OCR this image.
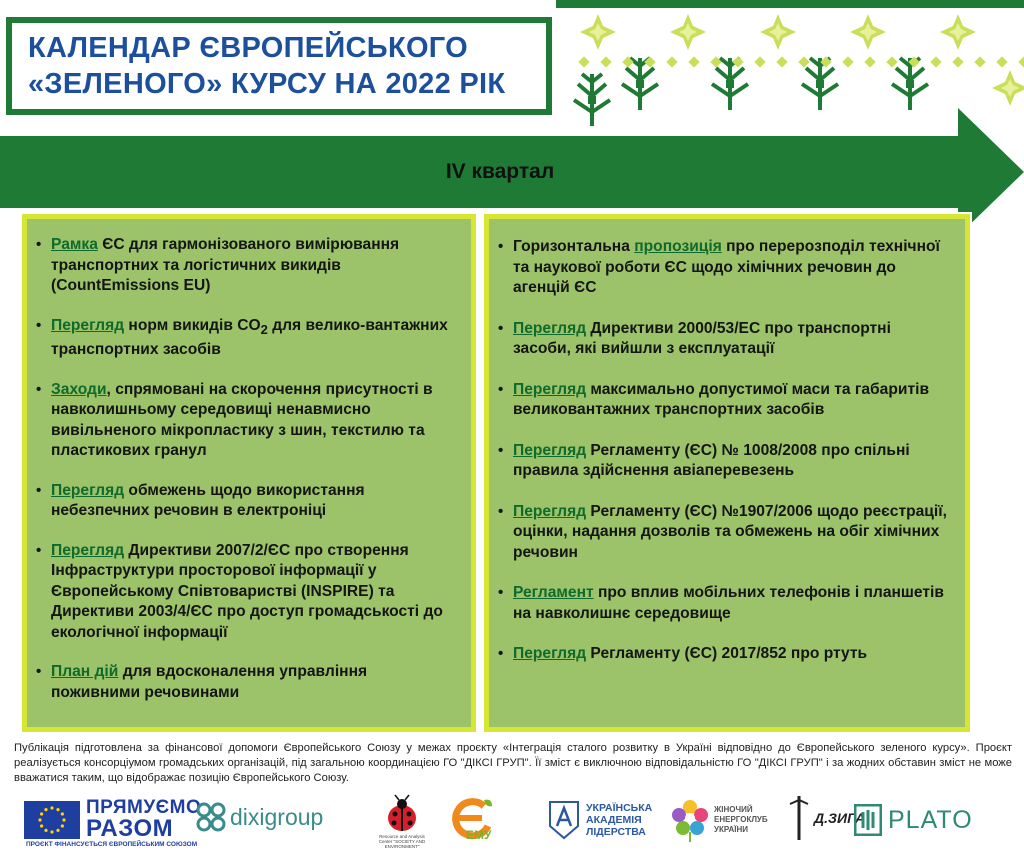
КАЛЕНДАР ЄВРОПЕЙСЬКОГО
«ЗЕЛЕНОГО» КУРСУ НА 2022 РІК
IV квартал
• Рамка ЄС для гармонізованого вимірювання транспортних та логістичних викидів (CountEmissions EU)
• Перегляд норм викидів $CO_2$ для велико-вантажних транспортних засобів
• Заходи, спрямовані на скорочення присутності в навколишньому середовищі ненавмисно вивільненого мікропластику з шин, текстилю та пластикових гранул
• Перегляд обмежень щодо використання небезпечних речовин в електроніці
• Перегляд Директиви 2007/2/ЄС про створення Інфраструктури просторової інформації у Європейському Співтоваристві (INSPIRE) та Директиви 2003/4/ЄС про доступ громадськості до екологічної інформації
• План дій для вдосконалення управління поживними речовинами
• Горизонтальна пропозиція про перерозподіл технічної та наукової роботи ЄС щодо хімічних речовин до агенцій ЄС
• Перегляд Директиви 2000/53/ЕС про транспортні засоби, які вийшли з експлуатації
• Перегляд максимально допустимої маси та габаритів великовантажних транспортних засобів
• Перегляд Регламенту (ЄС) № 1008/2008 про спільні правила здійснення авіаперевезень
• Перегляд Регламенту (ЄС) №1907/2006 щодо реєстрації, оцінки, надання дозволів та обмежень на обіг хімічних речовин
• Регламент про вплив мобільних телефонів і планшетів на навколишнє середовище
• Перегляд Регламенту (ЄС) 2017/852 про ртуть
Публікація підготовлена за фінансової допомоги Європейського Союзу у межах проєкту «Інтеграція сталого розвитку в Україні відповідно до Європейського зеленого курсу». Проєкт реалізується консорціумом громадських організацій, під загальною координацією ГО "ДІКСІ ГРУП". Її зміст є виключною відповідальністю ГО "ДІКСІ ГРУП" і за жодних обставин зміст не може вважатися таким, що відображає позицію Європейського Союзу.
ПРЯМУЄМО
РАЗОМ
ПРОЄКТ ФІНАНСУЄТЬСЯ ЄВРОПЕЙСЬКИМ СОЮЗОМ
dixigroup
Resource and Analysis Center "SOCIETY AND ENVIRONMENT"
ЕМУ
УКРАЇНСЬКА
АКАДЕМІЯ
ЛІДЕРСТВА
ЖІНОЧИЙ
ЕНЕРГОКЛУБ
УКРАЇНИ
Д.ЗИГА PLATO
